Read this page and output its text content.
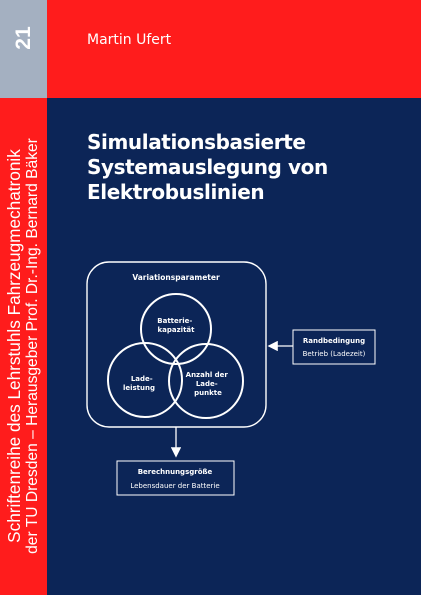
21	Martin Ufert
Schriftenreihe des Lehrstuhls Fahrzeugmechatronik der TU Dresden – Herausgeber Prof. Dr.-Ing. Bernard Bäker Simulationsbasierte
Systemauslegung von
Elektrobuslinien
Variationsparameter
Batterie- kapazität
Lade- leistung
Anzahl der Lade- punkte
Randbedingung
Betrieb (Ladezeit)
Berechnungsgröße
Lebensdauer der Batterie
